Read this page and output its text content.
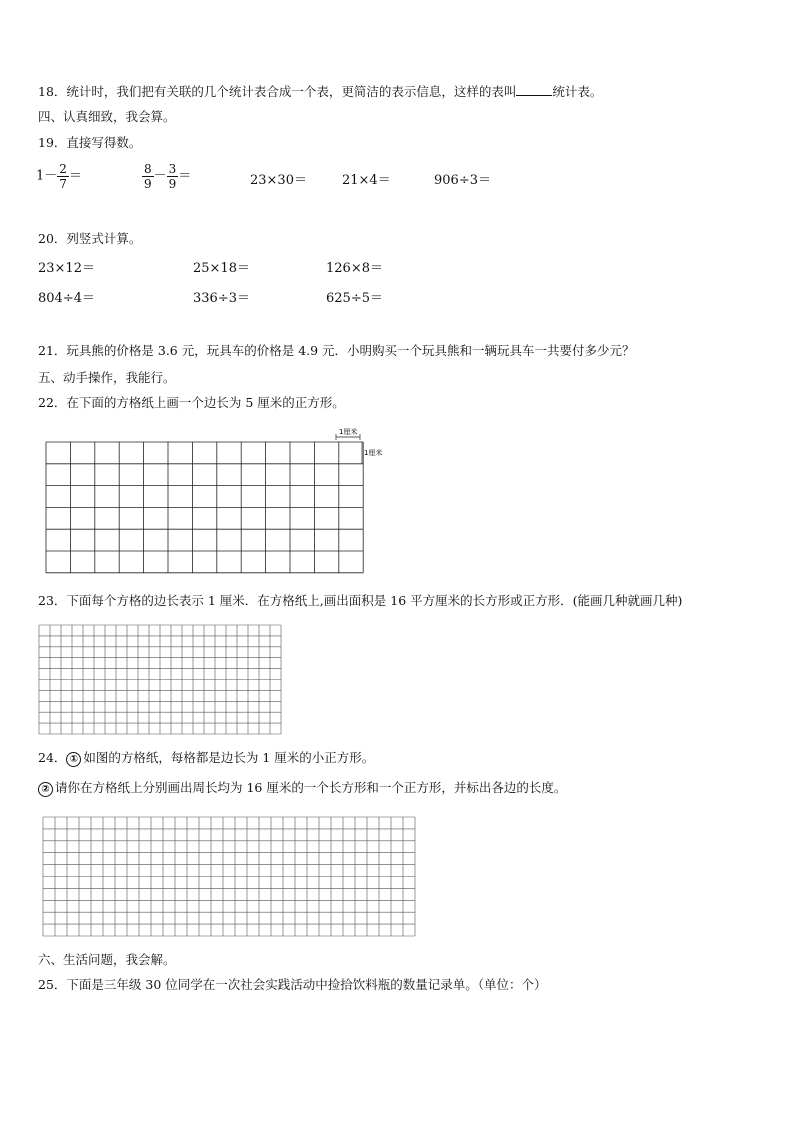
18．统计时，我们把有关联的几个统计表合成一个表，更简洁的表示信息，这样的表叫	统计表。
四、认真细致，我会算。
19．直接写得数。
$1- \frac{2}{7}$ ＝	$\frac{8}{9} - \frac{3}{9}$ ＝	23×30＝	21×4＝	906÷3＝
20．列竖式计算。
23×12＝	25×18＝	126×8＝
804÷4＝	336÷3＝	625÷5＝
21．玩具熊的价格是 3.6 元，玩具车的价格是 4.9 元．小明购买一个玩具熊和一辆玩具车一共要付多少元？
五、动手操作，我能行。
22．在下面的方格纸上画一个边长为 5 厘米的正方形。
1厘米
1厘米
23．下面每个方格的边长表示 1 厘米．在方格纸上,画出面积是 16 平方厘米的长方形或正方形．(能画几种就画几种)
24． ① 如图的方格纸，每格都是边长为 1 厘米的小正方形。
② 请你在方格纸上分别画出周长均为 16 厘米的一个长方形和一个正方形，并标出各边的长度。
六、生活问题，我会解。
25．下面是三年级 30 位同学在一次社会实践活动中捡拾饮料瓶的数量记录单。（单位：个）
